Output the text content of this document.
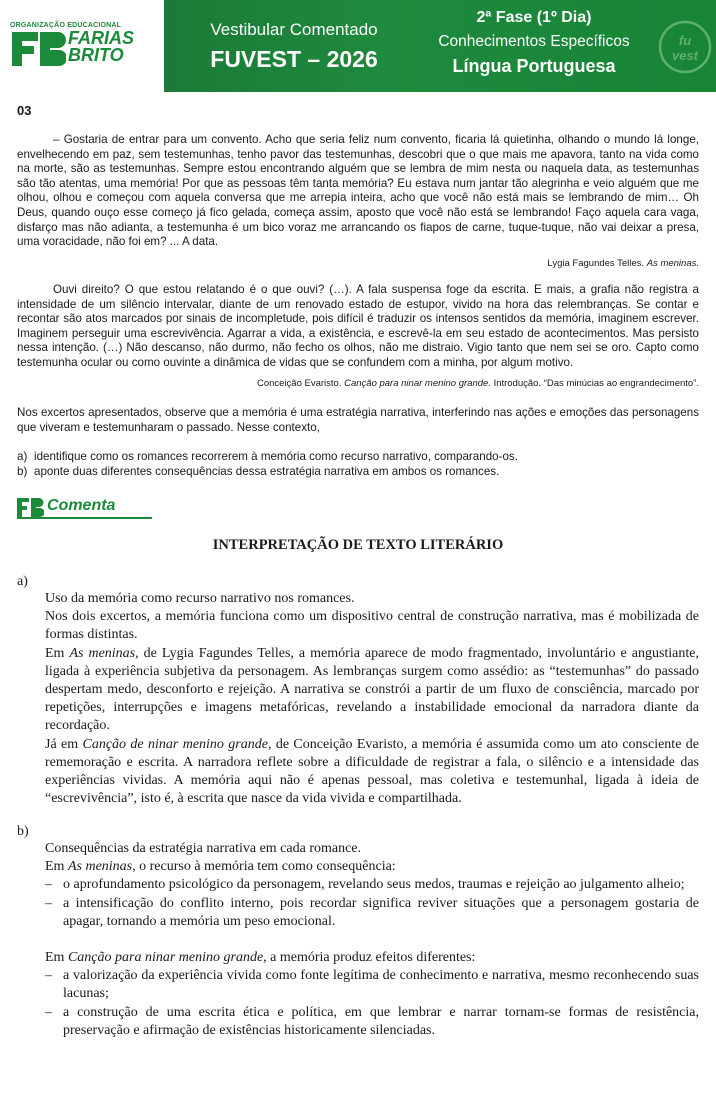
ORGANIZAÇÃO EDUCACIONAL
FARIAS
BRITO
Vestibular Comentado
FUVEST – 2026
2ª Fase (1º Dia)
Conhecimentos Específicos
Língua Portuguesa
fu
vest
03
– Gostaria de entrar para um convento. Acho que seria feliz num convento, ficaria lá quietinha, olhando o mundo lá longe, envelhecendo em paz, sem testemunhas, tenho pavor das testemunhas, descobri que o que mais me apavora, tanto na vida como na morte, são as testemunhas. Sempre estou encontrando alguém que se lembra de mim nesta ou naquela data, as testemunhas são tão atentas, uma memória! Por que as pessoas têm tanta memória? Eu estava num jantar tão alegrinha e veio alguém que me olhou, olhou e começou com aquela conversa que me arrepia inteira, acho que você não está mais se lembrando de mim… Oh Deus, quando ouço esse começo já fico gelada, começa assim, aposto que você não está se lembrando! Faço aquela cara vaga, disfarço mas não adianta, a testemunha é um bico voraz me arrancando os fiapos de carne, tuque-tuque, não vai deixar a presa, uma voracidade, não foi em? ... A data.
Lygia Fagundes Telles. As meninas.
Ouvi direito? O que estou relatando é o que ouvi? (…). A fala suspensa foge da escrita. E mais, a grafia não registra a intensidade de um silêncio intervalar, diante de um renovado estado de estupor, vivido na hora das relembranças. Se contar e recontar são atos marcados por sinais de incompletude, pois difícil é traduzir os intensos sentidos da memória, imaginem escrever. Imaginem perseguir uma escrevivência. Agarrar a vida, a existência, e escrevê-la em seu estado de acontecimentos. Mas persisto nessa intenção. (…) Não descanso, não durmo, não fecho os olhos, não me distraio. Vigio tanto que nem sei se oro. Capto como testemunha ocular ou como ouvinte a dinâmica de vidas que se confundem com a minha, por algum motivo.
Conceição Evaristo. Canção para ninar menino grande. Introdução. “Das minúcias ao engrandecimento”.
Nos excertos apresentados, observe que a memória é uma estratégia narrativa, interferindo nas ações e emoções das personagens que viveram e testemunharam o passado. Nesse contexto,
a) identifique como os romances recorrerem à memória como recurso narrativo, comparando-os.
b) aponte duas diferentes consequências dessa estratégia narrativa em ambos os romances.
Comenta
INTERPRETAÇÃO DE TEXTO LITERÁRIO
a)

Uso da memória como recurso narrativo nos romances.

Nos dois excertos, a memória funciona como um dispositivo central de construção narrativa, mas é mobilizada de formas distintas.

Em As meninas, de Lygia Fagundes Telles, a memória aparece de modo fragmentado, involuntário e angustiante, ligada à experiência subjetiva da personagem. As lembranças surgem como assédio: as “testemunhas” do passado despertam medo, desconforto e rejeição. A narrativa se constrói a partir de um fluxo de consciência, marcado por repetições, interrupções e imagens metafóricas, revelando a instabilidade emocional da narradora diante da recordação.

Já em Canção de ninar menino grande, de Conceição Evaristo, a memória é assumida como um ato consciente de rememoração e escrita. A narradora reflete sobre a dificuldade de registrar a fala, o silêncio e a intensidade das experiências vividas. A memória aqui não é apenas pessoal, mas coletiva e testemunhal, ligada à ideia de “escrevivência”, isto é, à escrita que nasce da vida vivida e compartilhada.

b)

Consequências da estratégia narrativa em cada romance.

Em As meninas, o recurso à memória tem como consequência:

– o aprofundamento psicológico da personagem, revelando seus medos, traumas e rejeição ao julgamento alheio;

– a intensificação do conflito interno, pois recordar significa reviver situações que a personagem gostaria de apagar, tornando a memória um peso emocional.

Em Canção para ninar menino grande, a memória produz efeitos diferentes:

– a valorização da experiência vivida como fonte legítima de conhecimento e narrativa, mesmo reconhecendo suas lacunas;

– a construção de uma escrita ética e política, em que lembrar e narrar tornam-se formas de resistência, preservação e afirmação de existências historicamente silenciadas.
